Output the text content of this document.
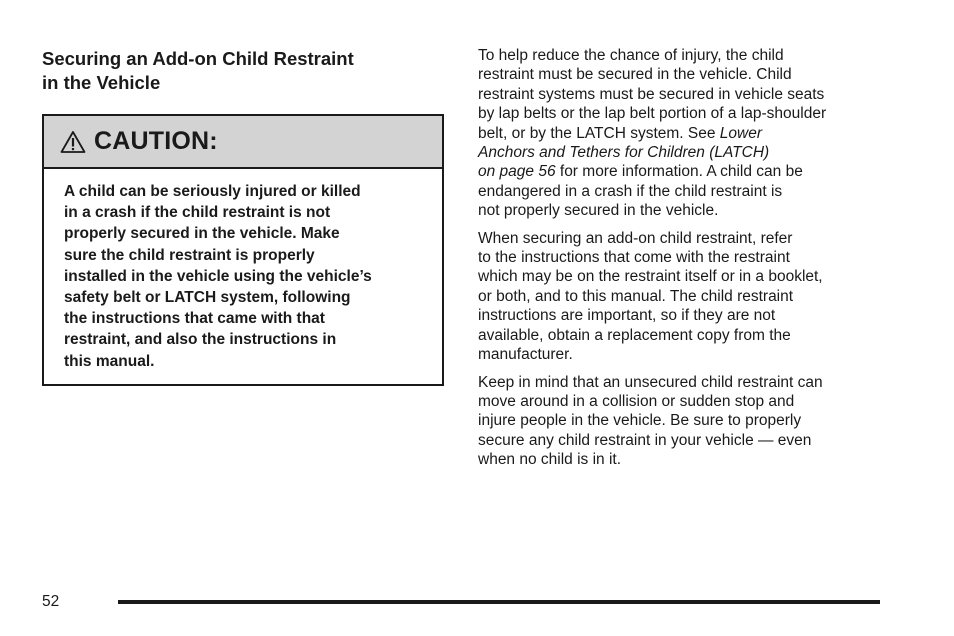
Securing an Add-on Child Restraint
in the Vehicle
CAUTION:
A child can be seriously injured or killed
in a crash if the child restraint is not
properly secured in the vehicle. Make
sure the child restraint is properly
installed in the vehicle using the vehicle’s
safety belt or LATCH system, following
the instructions that came with that
restraint, and also the instructions in
this manual.

To help reduce the chance of injury, the child
restraint must be secured in the vehicle. Child
restraint systems must be secured in vehicle seats
by lap belts or the lap belt portion of a lap-shoulder
belt, or by the LATCH system. See Lower
Anchors and Tethers for Children (LATCH)
on page 56 for more information. A child can be
endangered in a crash if the child restraint is
not properly secured in the vehicle.

When securing an add-on child restraint, refer
to the instructions that come with the restraint
which may be on the restraint itself or in a booklet,
or both, and to this manual. The child restraint
instructions are important, so if they are not
available, obtain a replacement copy from the
manufacturer.

Keep in mind that an unsecured child restraint can
move around in a collision or sudden stop and
injure people in the vehicle. Be sure to properly
secure any child restraint in your vehicle — even
when no child is in it.

52
